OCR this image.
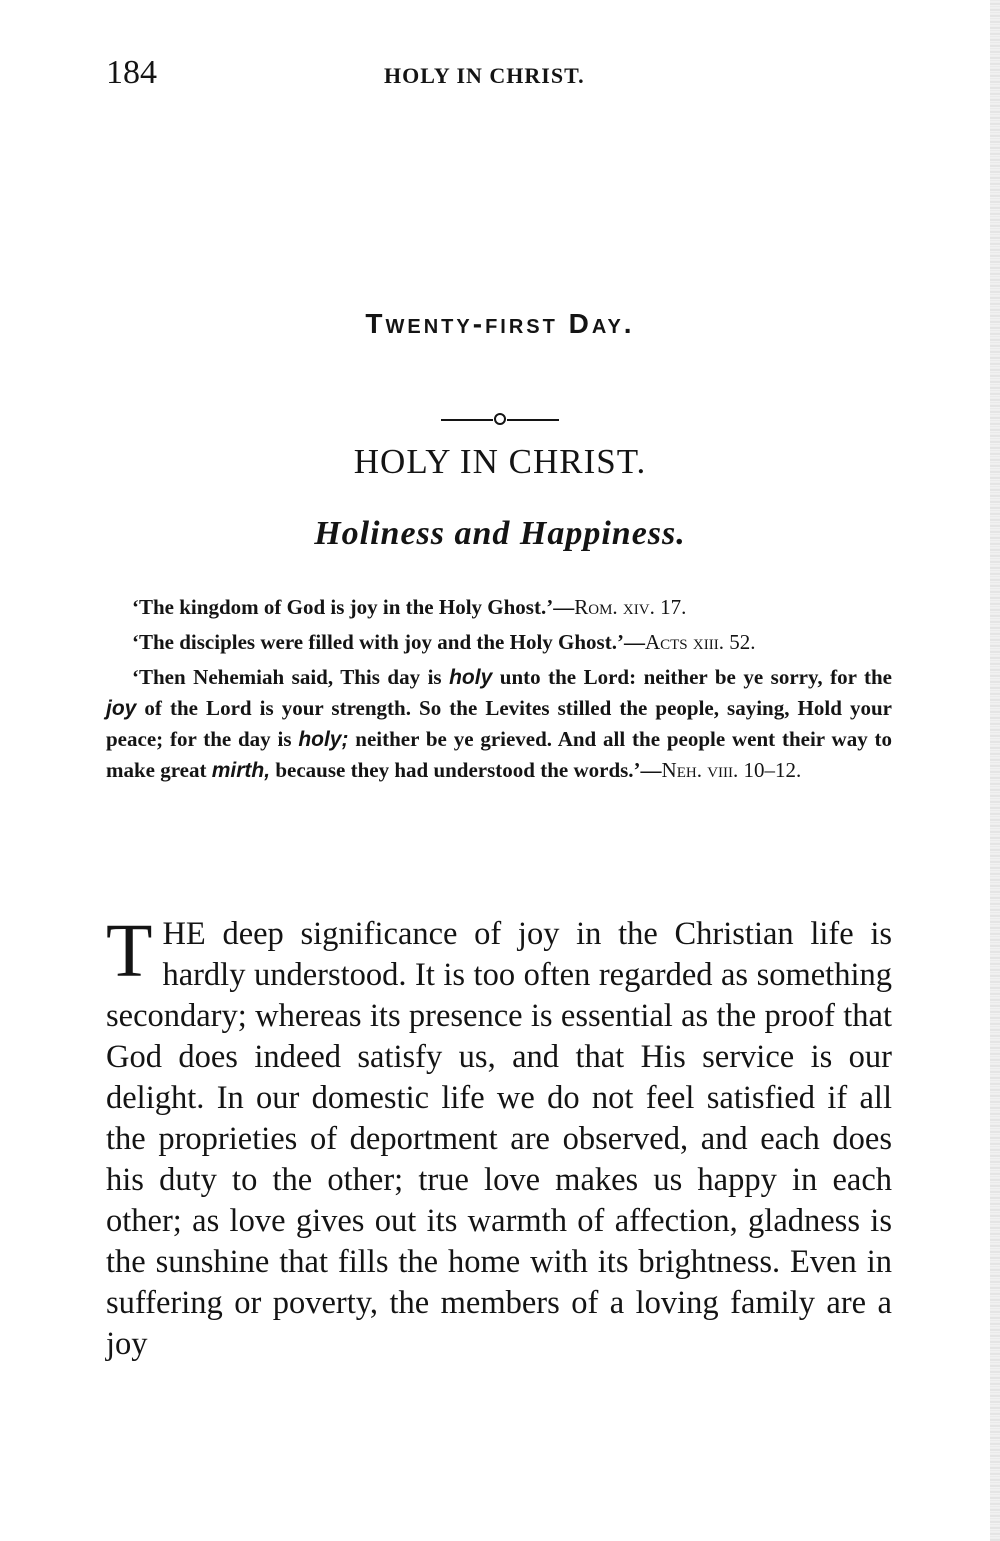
184	HOLY IN CHRIST.
Twenty-first Day.
HOLY IN CHRIST.
Holiness and Happiness.

‘The kingdom of God is joy in the Holy Ghost.’—Rom. xiv. 17.

‘The disciples were filled with joy and the Holy Ghost.’—Acts xiii. 52.

‘Then Nehemiah said, This day is holy unto the Lord: neither be ye sorry, for the joy of the Lord is your strength. So the Levites stilled the people, saying, Hold your peace; for the day is holy; neither be ye grieved. And all the people went their way to make great mirth, because they had understood the words.’—Neh. viii. 10–12.

THE deep significance of joy in the Christian life is hardly understood. It is too often regarded as something secondary; whereas its presence is essential as the proof that God does indeed satisfy us, and that His service is our delight. In our domestic life we do not feel satisfied if all the proprieties of deportment are observed, and each does his duty to the other; true love makes us happy in each other; as love gives out its warmth of affection, gladness is the sunshine that fills the home with its brightness. Even in suffering or poverty, the members of a loving family are a joy
